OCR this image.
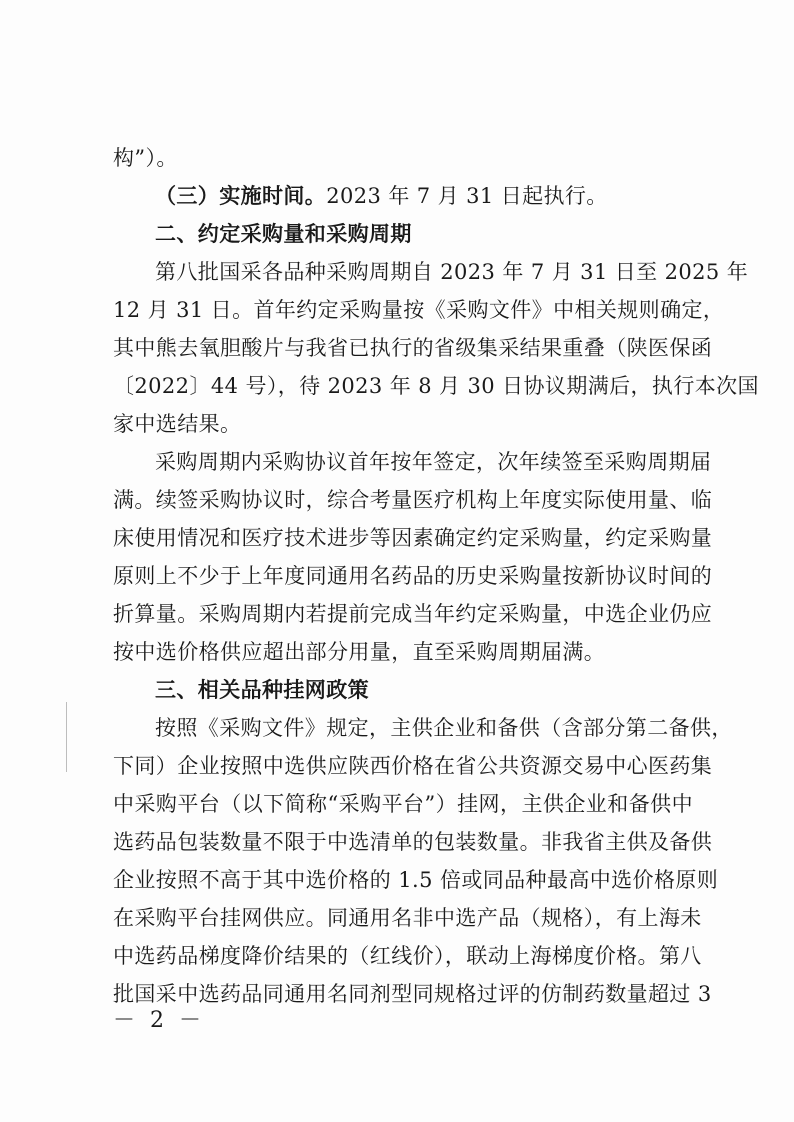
构”）。
（三）实施时间。2023 年 7 月 31 日起执行。
二、约定采购量和采购周期
第八批国采各品种采购周期自 2023 年 7 月 31 日至 2025 年
12 月 31 日。首年约定采购量按《采购文件》中相关规则确定，
其中熊去氧胆酸片与我省已执行的省级集采结果重叠（陕医保函
〔2022〕44 号），待 2023 年 8 月 30 日协议期满后，执行本次国
家中选结果。
采购周期内采购协议首年按年签定，次年续签至采购周期届
满。续签采购协议时，综合考量医疗机构上年度实际使用量、临
床使用情况和医疗技术进步等因素确定约定采购量，约定采购量
原则上不少于上年度同通用名药品的历史采购量按新协议时间的
折算量。采购周期内若提前完成当年约定采购量，中选企业仍应
按中选价格供应超出部分用量，直至采购周期届满。
三、相关品种挂网政策
按照《采购文件》规定，主供企业和备供（含部分第二备供，
下同）企业按照中选供应陕西价格在省公共资源交易中心医药集
中采购平台（以下简称“采购平台”）挂网，主供企业和备供中
选药品包装数量不限于中选清单的包装数量。非我省主供及备供
企业按照不高于其中选价格的 1.5 倍或同品种最高中选价格原则
在采购平台挂网供应。同通用名非中选产品（规格），有上海未
中选药品梯度降价结果的（红线价），联动上海梯度价格。第八
批国采中选药品同通用名同剂型同规格过评的仿制药数量超过 3
－ 2 －
